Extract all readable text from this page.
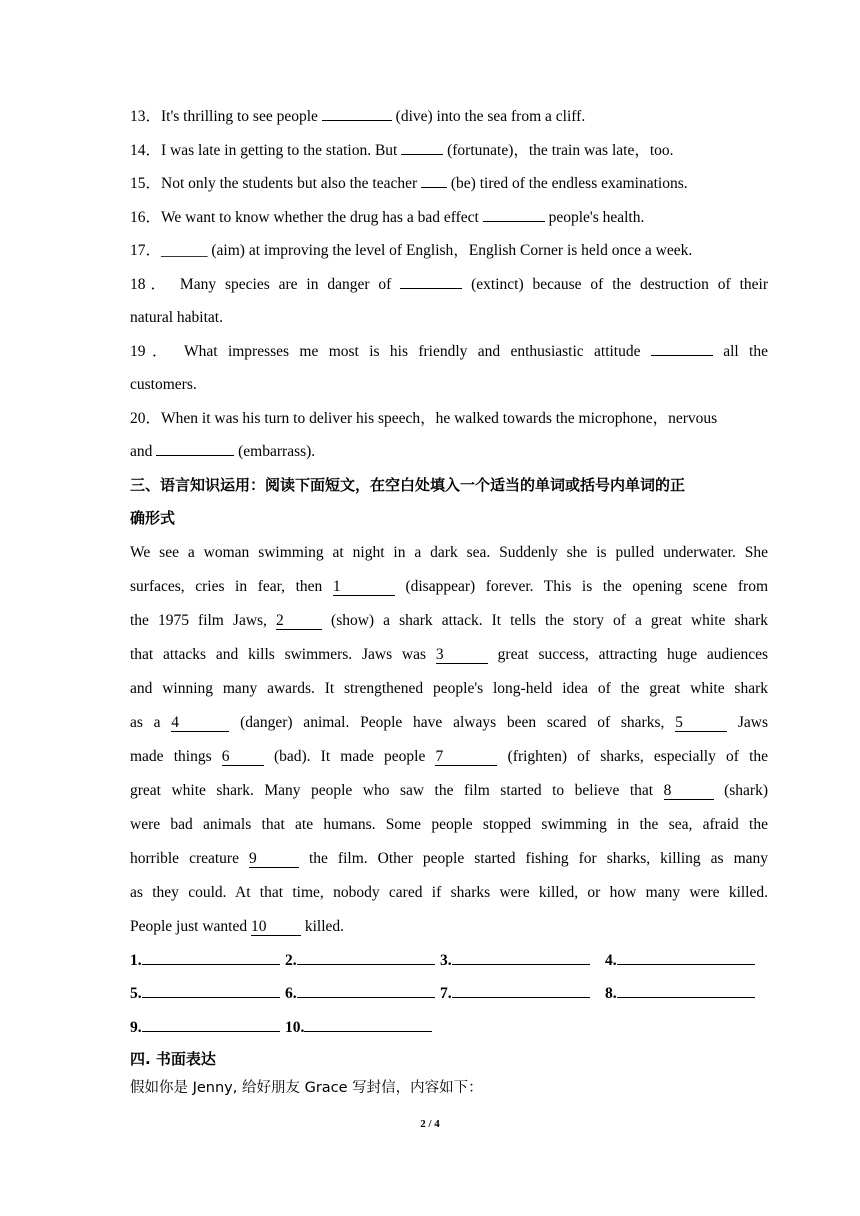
13．It's thrilling to see people	(dive) into the sea from a cliff.
14．I was late in getting to the station. But	(fortunate)，the train was late，too.
15．Not only the students but also the teacher  (be) tired of the endless examinations.
16．We want to know whether the drug has a bad effect	people's health.
17．______ (aim) at improving the level of English，English Corner is held once a week.
18． Many species are in danger of	(extinct) because of the destruction of their
natural habitat.
19． What impresses me most is his friendly and enthusiastic attitude	all the
customers.
20．When it was his turn to deliver his speech，he walked towards the microphone，nervous
and	(embarrass).
三、语言知识运用：阅读下面短文，在空白处填入一个适当的单词或括号内单词的正
确形式
We see a woman swimming at night in a dark sea. Suddenly she is pulled underwater. She
surfaces, cries in fear, then 1	(disappear) forever. This is the opening scene from
the 1975 film Jaws, 2	(show) a shark attack. It tells the story of a great white shark
that attacks and kills swimmers. Jaws was 3	great success, attracting huge audiences
and winning many awards. It strengthened people's long-held idea of the great white shark
as a 4	(danger) animal. People have always been scared of sharks, 5	Jaws
made things 6	(bad). It made people 7	(frighten) of sharks, especially of the
great white shark. Many people who saw the film started to believe that 8	(shark)
were bad animals that ate humans. Some people stopped swimming in the sea, afraid the
horrible creature 9	the film. Other people started fishing for sharks, killing as many
as they could. At that time, nobody cared if sharks were killed, or how many were killed.
People just wanted 10 killed.
1.	2.	3.	4.
5.	6.	7.	8.
9.	10.
四. 书面表达
假如你是 Jenny, 给好朋友 Grace 写封信，内容如下：
2 / 4
